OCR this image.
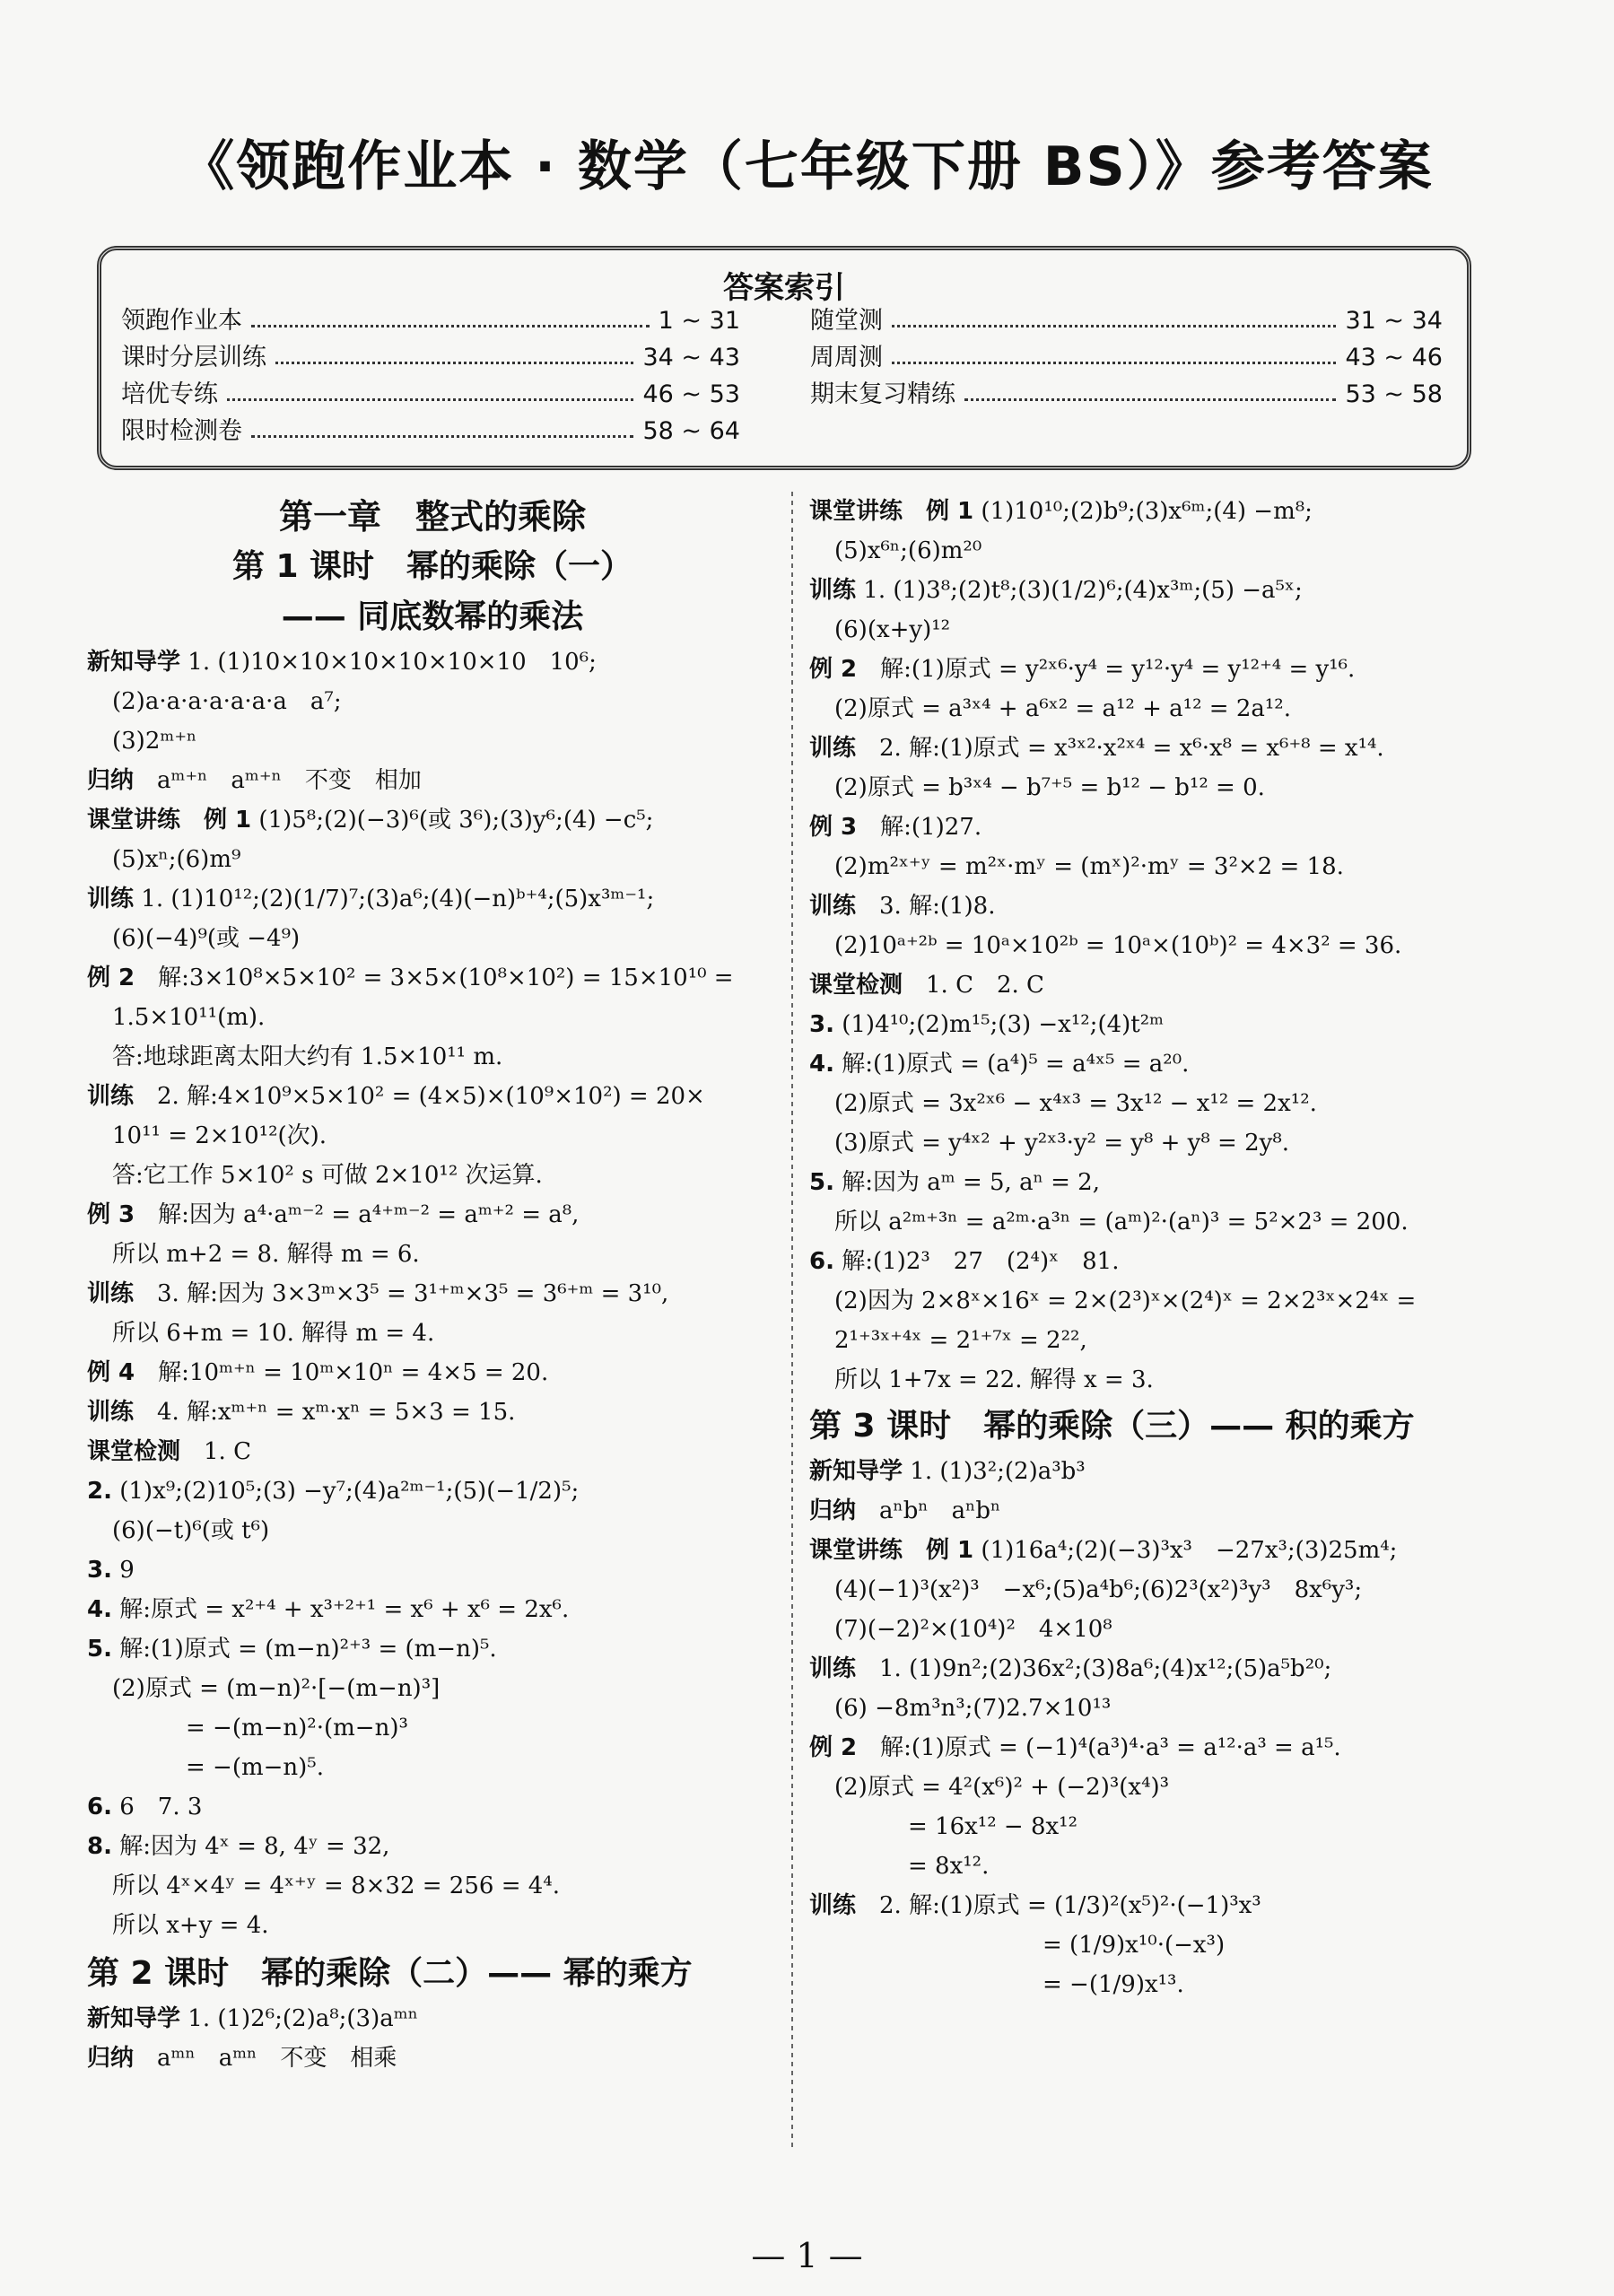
《领跑作业本 · 数学（七年级下册 BS）》参考答案
答案索引
领跑作业本	1 ~ 31
课时分层训练	34 ~ 43
培优专练	46 ~ 53
限时检测卷	58 ~ 64
随堂测	31 ~ 34
周周测	43 ~ 46
期末复习精练	53 ~ 58
第一章　整式的乘除
第 1 课时　幂的乘除（一）
—— 同底数幂的乘法
新知导学 1. (1)10×10×10×10×10×10　10⁶;
(2)a·a·a·a·a·a·a　a⁷;
(3)2ᵐ⁺ⁿ
归纳　aᵐ⁺ⁿ　aᵐ⁺ⁿ　不变　相加
课堂讲练　例 1 (1)5⁸;(2)(−3)⁶(或 3⁶);(3)y⁶;(4) −c⁵;
(5)xⁿ;(6)m⁹
训练 1. (1)10¹²;(2)(1/7)⁷;(3)a⁶;(4)(−n)ᵇ⁺⁴;(5)x³ᵐ⁻¹;
(6)(−4)⁹(或 −4⁹)
例 2　解:3×10⁸×5×10² = 3×5×(10⁸×10²) = 15×10¹⁰ =
1.5×10¹¹(m).
答:地球距离太阳大约有 1.5×10¹¹ m.
训练　2. 解:4×10⁹×5×10² = (4×5)×(10⁹×10²) = 20×
10¹¹ = 2×10¹²(次).
答:它工作 5×10² s 可做 2×10¹² 次运算.
例 3　解:因为 a⁴·aᵐ⁻² = a⁴⁺ᵐ⁻² = aᵐ⁺² = a⁸,
所以 m+2 = 8. 解得 m = 6.
训练　3. 解:因为 3×3ᵐ×3⁵ = 3¹⁺ᵐ×3⁵ = 3⁶⁺ᵐ = 3¹⁰,
所以 6+m = 10. 解得 m = 4.
例 4　解:10ᵐ⁺ⁿ = 10ᵐ×10ⁿ = 4×5 = 20.
训练　4. 解:xᵐ⁺ⁿ = xᵐ·xⁿ = 5×3 = 15.
课堂检测　1. C
2. (1)x⁹;(2)10⁵;(3) −y⁷;(4)a²ᵐ⁻¹;(5)(−1/2)⁵;
(6)(−t)⁶(或 t⁶)
3. 9
4. 解:原式 = x²⁺⁴ + x³⁺²⁺¹ = x⁶ + x⁶ = 2x⁶.
5. 解:(1)原式 = (m−n)²⁺³ = (m−n)⁵.
(2)原式 = (m−n)²·[−(m−n)³]
= −(m−n)²·(m−n)³
= −(m−n)⁵.
6. 6　7. 3
8. 解:因为 4ˣ = 8, 4ʸ = 32,
所以 4ˣ×4ʸ = 4ˣ⁺ʸ = 8×32 = 256 = 4⁴.
所以 x+y = 4.
第 2 课时　幂的乘除（二）—— 幂的乘方
新知导学 1. (1)2⁶;(2)a⁸;(3)aᵐⁿ
归纳　aᵐⁿ　aᵐⁿ　不变　相乘
课堂讲练　例 1 (1)10¹⁰;(2)b⁹;(3)x⁶ᵐ;(4) −m⁸;
(5)x⁶ⁿ;(6)m²⁰
训练 1. (1)3⁸;(2)t⁸;(3)(1/2)⁶;(4)x³ᵐ;(5) −a⁵ˣ;
(6)(x+y)¹²
例 2　解:(1)原式 = y²ˣ⁶·y⁴ = y¹²·y⁴ = y¹²⁺⁴ = y¹⁶.
(2)原式 = a³ˣ⁴ + a⁶ˣ² = a¹² + a¹² = 2a¹².
训练　2. 解:(1)原式 = x³ˣ²·x²ˣ⁴ = x⁶·x⁸ = x⁶⁺⁸ = x¹⁴.
(2)原式 = b³ˣ⁴ − b⁷⁺⁵ = b¹² − b¹² = 0.
例 3　解:(1)27.
(2)m²ˣ⁺ʸ = m²ˣ·mʸ = (mˣ)²·mʸ = 3²×2 = 18.
训练　3. 解:(1)8.
(2)10ᵃ⁺²ᵇ = 10ᵃ×10²ᵇ = 10ᵃ×(10ᵇ)² = 4×3² = 36.
课堂检测　1. C　2. C
3. (1)4¹⁰;(2)m¹⁵;(3) −x¹²;(4)t²ᵐ
4. 解:(1)原式 = (a⁴)⁵ = a⁴ˣ⁵ = a²⁰.
(2)原式 = 3x²ˣ⁶ − x⁴ˣ³ = 3x¹² − x¹² = 2x¹².
(3)原式 = y⁴ˣ² + y²ˣ³·y² = y⁸ + y⁸ = 2y⁸.
5. 解:因为 aᵐ = 5, aⁿ = 2,
所以 a²ᵐ⁺³ⁿ = a²ᵐ·a³ⁿ = (aᵐ)²·(aⁿ)³ = 5²×2³ = 200.
6. 解:(1)2³　27　(2⁴)ˣ　81.
(2)因为 2×8ˣ×16ˣ = 2×(2³)ˣ×(2⁴)ˣ = 2×2³ˣ×2⁴ˣ =
2¹⁺³ˣ⁺⁴ˣ = 2¹⁺⁷ˣ = 2²²,
所以 1+7x = 22. 解得 x = 3.
第 3 课时　幂的乘除（三）—— 积的乘方
新知导学 1. (1)3²;(2)a³b³
归纳　aⁿbⁿ　aⁿbⁿ
课堂讲练　例 1 (1)16a⁴;(2)(−3)³x³　−27x³;(3)25m⁴;
(4)(−1)³(x²)³　−x⁶;(5)a⁴b⁶;(6)2³(x²)³y³　8x⁶y³;
(7)(−2)²×(10⁴)²　4×10⁸
训练　1. (1)9n²;(2)36x²;(3)8a⁶;(4)x¹²;(5)a⁵b²⁰;
(6) −8m³n³;(7)2.7×10¹³
例 2　解:(1)原式 = (−1)⁴(a³)⁴·a³ = a¹²·a³ = a¹⁵.
(2)原式 = 4²(x⁶)² + (−2)³(x⁴)³
= 16x¹² − 8x¹²
= 8x¹².
训练　2. 解:(1)原式 = (1/3)²(x⁵)²·(−1)³x³
= (1/9)x¹⁰·(−x³)
= −(1/9)x¹³.
— 1 —
